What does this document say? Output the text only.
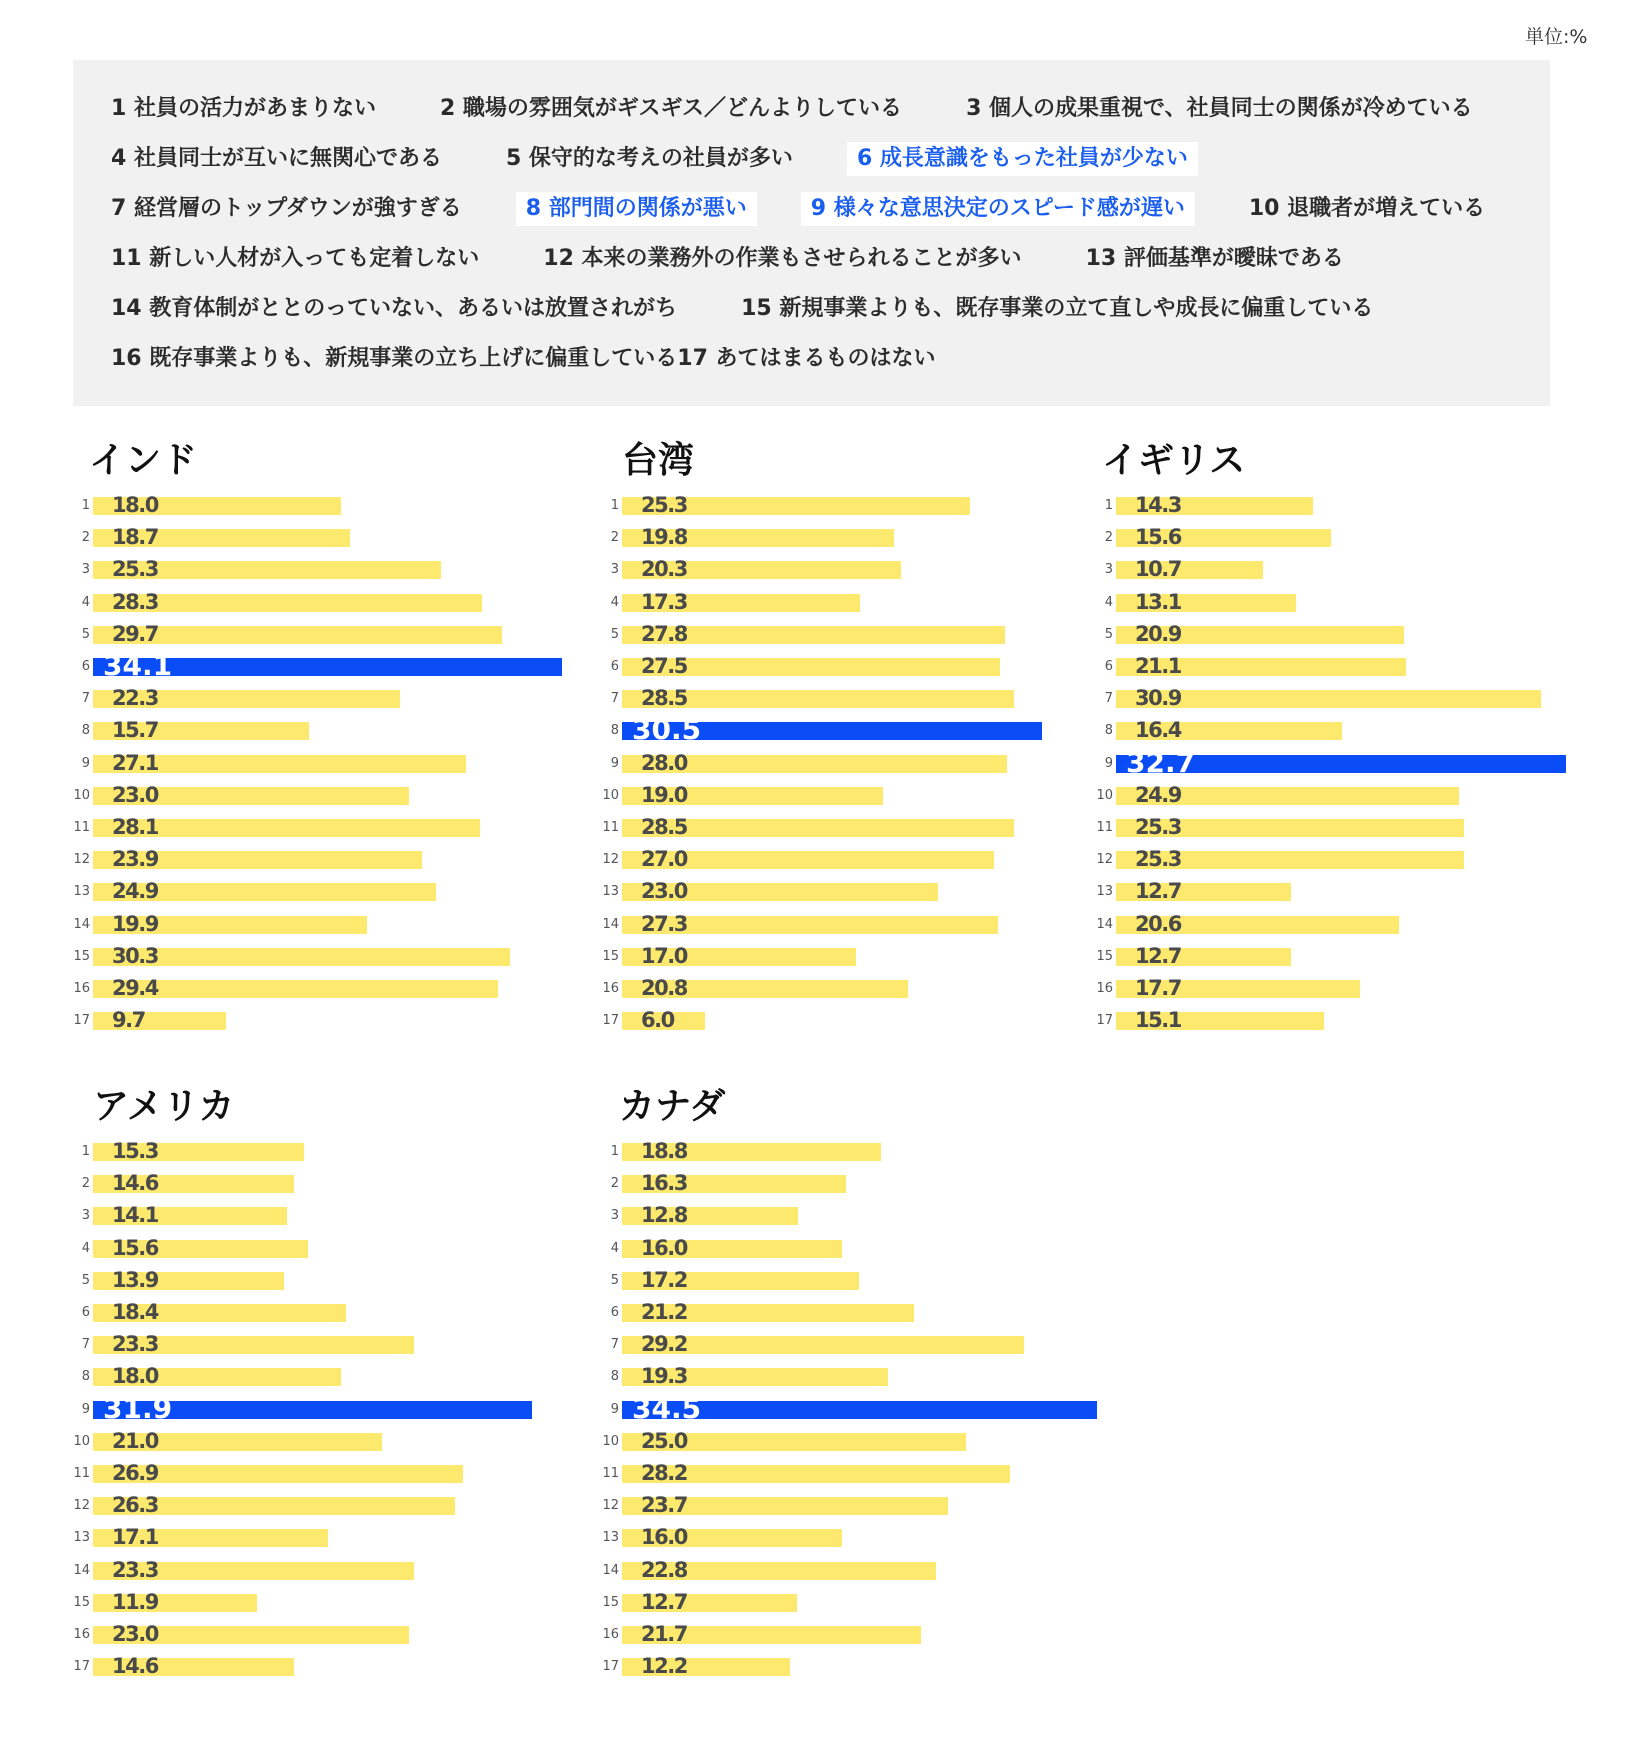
単位:%
1 社員の活力があまりない	2 職場の雰囲気がギスギス／どんよりしている	3 個人の成果重視で、社員同士の関係が冷めている
4 社員同士が互いに無関心である	5 保守的な考えの社員が多い	6 成長意識をもった社員が少ない
7 経営層のトップダウンが強すぎる	8 部門間の関係が悪い	9 様々な意思決定のスピード感が遅い	10 退職者が増えている
11 新しい人材が入っても定着しない	12 本来の業務外の作業もさせられることが多い	13 評価基準が曖昧である
14 教育体制がととのっていない、あるいは放置されがち	15 新規事業よりも、既存事業の立て直しや成長に偏重している
16 既存事業よりも、新規事業の立ち上げに偏重している17 あてはまるものはない
インド
1 18.0
2 18.7
3 25.3
4 28.3
5 29.7
6 34.1
7 22.3
8 15.7
9 27.1
10 23.0
11 28.1
12 23.9
13 24.9
14 19.9
15 30.3
16 29.4
17 9.7
台湾
1 25.3
2 19.8
3 20.3
4 17.3
5 27.8
6 27.5
7 28.5
8 30.5
9 28.0
10 19.0
11 28.5
12 27.0
13 23.0
14 27.3
15 17.0
16 20.8
17 6.0
イギリス
1 14.3
2 15.6
3 10.7
4 13.1
5 20.9
6 21.1
7 30.9
8 16.4
9 32.7
10 24.9
11 25.3
12 25.3
13 12.7
14 20.6
15 12.7
16 17.7
17 15.1
アメリカ
1 15.3
2 14.6
3 14.1
4 15.6
5 13.9
6 18.4
7 23.3
8 18.0
9 31.9
10 21.0
11 26.9
12 26.3
13 17.1
14 23.3
15 11.9
16 23.0
17 14.6
カナダ
1 18.8
2 16.3
3 12.8
4 16.0
5 17.2
6 21.2
7 29.2
8 19.3
9 34.5
10 25.0
11 28.2
12 23.7
13 16.0
14 22.8
15 12.7
16 21.7
17 12.2
